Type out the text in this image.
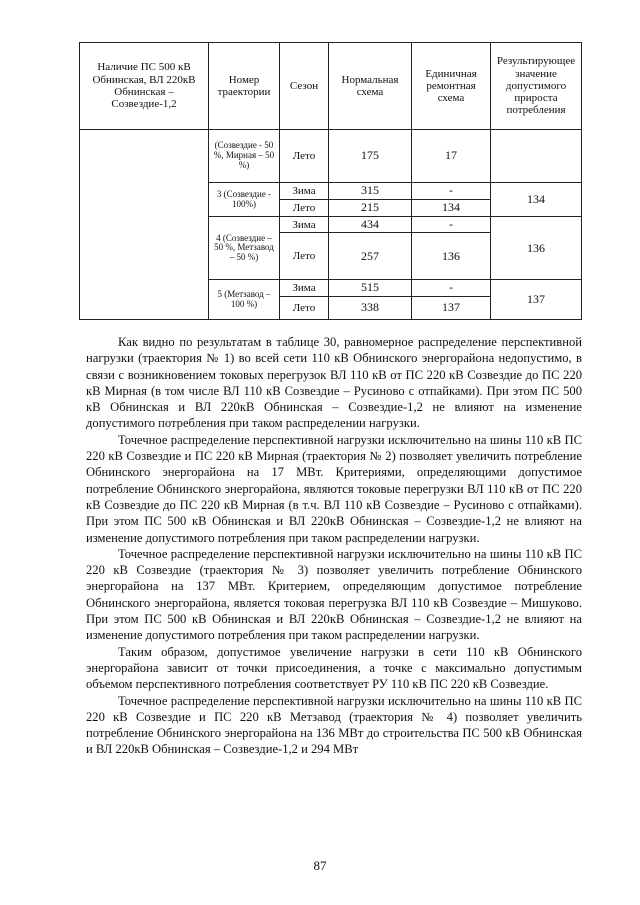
Наличие ПС 500 кВ Обнинская, ВЛ 220кВ Обнинская – Созвездие-1,2	Номер траектории	Сезон	Нормальная схема	Единичная ремонтная схема	Результирующее значение допустимого прироста потребления
	(Созвездие - 50 %, Мирная – 50 %)	Лето	175	17	
	3 (Созвездие - 100%)	Зима	315	-	134
		Лето	215	134	
	4 (Созвездие – 50 %, Метзавод – 50 %)	Зима	434	-	136
		Лето	257	136	
	5 (Метзавод – 100 %)	Зима	515	-	137
		Лето	338	137	

Как видно по результатам в таблице 30, равномерное распределение перспективной нагрузки (траектория № 1) во всей сети 110 кВ Обнинского энергорайона недопустимо, в связи с возникновением токовых перегрузок ВЛ 110 кВ от ПС 220 кВ Созвездие до ПС 220 кВ Мирная (в том числе ВЛ 110 кВ Созвездие – Русиново с отпайками). При этом ПС 500 кВ Обнинская и ВЛ 220кВ Обнинская – Созвездие-1,2 не влияют на изменение допустимого потребления при таком распределении нагрузки.

Точечное распределение перспективной нагрузки исключительно на шины 110 кВ ПС 220 кВ Созвездие и ПС 220 кВ Мирная (траектория № 2) позволяет увеличить потребление Обнинского энергорайона на 17 МВт. Критериями, определяющими допустимое потребление Обнинского энергорайона, являются токовые перегрузки ВЛ 110 кВ от ПС 220 кВ Созвездие до ПС 220 кВ Мирная (в т.ч. ВЛ 110 кВ Созвездие – Русиново с отпайками). При этом ПС 500 кВ Обнинская и ВЛ 220кВ Обнинская – Созвездие-1,2 не влияют на изменение допустимого потребления при таком распределении нагрузки.

Точечное распределение перспективной нагрузки исключительно на шины 110 кВ ПС 220 кВ Созвездие (траектория № 3) позволяет увеличить потребление Обнинского энергорайона на 137 МВт. Критерием, определяющим допустимое потребление Обнинского энергорайона, является токовая перегрузка ВЛ 110 кВ Созвездие – Мишуково. При этом ПС 500 кВ Обнинская и ВЛ 220кВ Обнинская – Созвездие-1,2 не влияют на изменение допустимого потребления при таком распределении нагрузки.

Таким образом, допустимое увеличение нагрузки в сети 110 кВ Обнинского энергорайона зависит от точки присоединения, а точке с максимально допустимым объемом перспективного потребления соответствует РУ 110 кВ ПС 220 кВ Созвездие.

Точечное распределение перспективной нагрузки исключительно на шины 110 кВ ПС 220 кВ Созвездие и ПС 220 кВ Метзавод (траектория № 4) позволяет увеличить потребление Обнинского энергорайона на 136 МВт до строительства ПС 500 кВ Обнинская и ВЛ 220кВ Обнинская – Созвездие-1,2 и 294 МВт

87
